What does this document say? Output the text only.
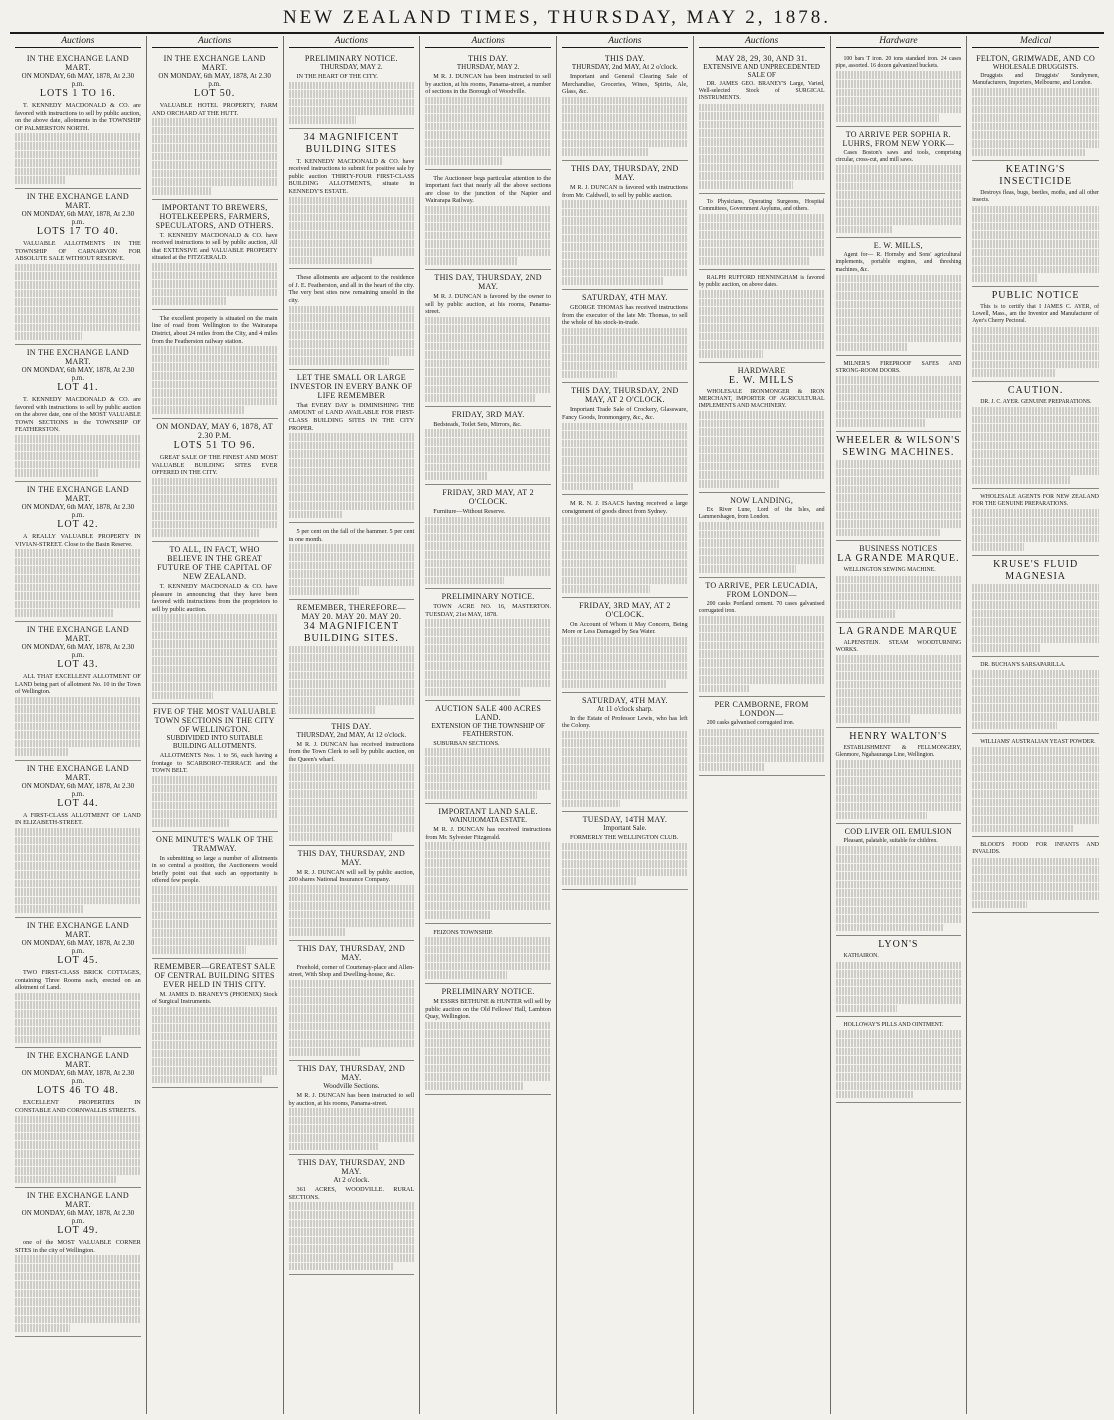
NEW ZEALAND TIMES, THURSDAY, MAY 2, 1878.
Auctions
IN THE EXCHANGE LAND MART.
ON MONDAY, 6th MAY, 1878, At 2.30 p.m.
LOTS 1 TO 16.
T. KENNEDY MACDONALD & CO. are favored with instructions to sell by public auction, on the above date, allotments in the TOWNSHIP OF PALMERSTON NORTH.
IN THE EXCHANGE LAND MART.
ON MONDAY, 6th MAY, 1878, At 2.30 p.m.
LOTS 17 TO 40.
VALUABLE ALLOTMENTS IN THE TOWNSHIP OF CARNARVON FOR ABSOLUTE SALE WITHOUT RESERVE.
IN THE EXCHANGE LAND MART.
ON MONDAY, 6th MAY, 1878, At 2.30 p.m.
LOT 41.
T. KENNEDY MACDONALD & CO. are favored with instructions to sell by public auction on the above date, one of the MOST VALUABLE TOWN SECTIONS in the TOWNSHIP OF FEATHERSTON.
IN THE EXCHANGE LAND MART.
ON MONDAY, 6th MAY, 1878, At 2.30 p.m.
LOT 42.
A REALLY VALUABLE PROPERTY IN VIVIAN-STREET. Close to the Basin Reserve.
IN THE EXCHANGE LAND MART.
ON MONDAY, 6th MAY, 1878, At 2.30 p.m.
LOT 43.
ALL THAT EXCELLENT ALLOTMENT OF LAND being part of allotment No. 10 in the Town of Wellington.
IN THE EXCHANGE LAND MART.
ON MONDAY, 6th MAY, 1878, At 2.30 p.m.
LOT 44.
A FIRST-CLASS ALLOTMENT OF LAND IN ELIZABETH-STREET.
IN THE EXCHANGE LAND MART.
ON MONDAY, 6th MAY, 1878, At 2.30 p.m.
LOT 45.
TWO FIRST-CLASS BRICK COTTAGES, containing Three Rooms each, erected on an allotment of Land.
IN THE EXCHANGE LAND MART.
ON MONDAY, 6th MAY, 1878, At 2.30 p.m.
LOTS 46 TO 48.
EXCELLENT PROPERTIES IN CONSTABLE AND CORNWALLIS STREETS.
IN THE EXCHANGE LAND MART.
ON MONDAY, 6th MAY, 1878, At 2.30 p.m.
LOT 49.
one of the MOST VALUABLE CORNER SITES in the city of Wellington.
Auctions
IN THE EXCHANGE LAND MART.
ON MONDAY, 6th MAY, 1878, At 2.30 p.m.
LOT 50.
VALUABLE HOTEL PROPERTY, FARM AND ORCHARD AT THE HUTT.
IMPORTANT TO BREWERS, HOTELKEEPERS, FARMERS, SPECULATORS, AND OTHERS.
T. KENNEDY MACDONALD & CO. have received instructions to sell by public auction, All that EXTENSIVE and VALUABLE PROPERTY situated at the FITZGERALD.
The excellent property is situated on the main line of road from Wellington to the Wairarapa District, about 24 miles from the City, and 4 miles from the Featherston railway station.
ON MONDAY, MAY 6, 1878, AT 2.30 P.M.
LOTS 51 TO 96.
GREAT SALE OF THE FINEST AND MOST VALUABLE BUILDING SITES EVER OFFERED IN THE CITY.
TO ALL, IN FACT, WHO BELIEVE IN THE GREAT FUTURE OF THE CAPITAL OF NEW ZEALAND.
T. KENNEDY MACDONALD & CO. have pleasure in announcing that they have been favored with instructions from the proprietors to sell by public auction.
FIVE OF THE MOST VALUABLE TOWN SECTIONS IN THE CITY OF WELLINGTON.
SUBDIVIDED INTO SUITABLE BUILDING ALLOTMENTS.
ALLOTMENTS Nos. 1 to 56, each having a frontage to SCARBORO'-TERRACE and the TOWN BELT.
ONE MINUTE'S WALK OF THE TRAMWAY.
In submitting so large a number of allotments in so central a position, the Auctioneers would briefly point out that such an opportunity is offered few people.
REMEMBER—GREATEST SALE OF CENTRAL BUILDING SITES EVER HELD IN THIS CITY.
M. JAMES D. BRANEY'S (PHOENIX) Stock of Surgical Instruments.
Auctions
PRELIMINARY NOTICE.
THURSDAY, MAY 2.
IN THE HEART OF THE CITY.
34 MAGNIFICENT BUILDING SITES
T. KENNEDY MACDONALD & CO. have received instructions to submit for positive sale by public auction THIRTY-FOUR FIRST-CLASS BUILDING ALLOTMENTS, situate in KENNEDY'S ESTATE.
These allotments are adjacent to the residence of J. E. Featherston, and all in the heart of the city. The very best sites now remaining unsold in the city.
LET THE SMALL OR LARGE INVESTOR IN EVERY BANK OF LIFE REMEMBER
That EVERY DAY is DIMINISHING THE AMOUNT of LAND AVAILABLE FOR FIRST-CLASS BUILDING SITES IN THE CITY PROPER.
5 per cent on the fall of the hammer. 5 per cent in one month.
REMEMBER, THEREFORE— MAY 20. MAY 20. MAY 20.
34 MAGNIFICENT BUILDING SITES.
THIS DAY.
THURSDAY, 2nd MAY, At 12 o'clock.
M R. J. DUNCAN has received instructions from the Town Clerk to sell by public auction, on the Queen's wharf.
THIS DAY, THURSDAY, 2ND MAY.
M R. J. DUNCAN will sell by public auction, 200 shares National Insurance Company.
THIS DAY, THURSDAY, 2ND MAY.
Freehold, corner of Courtenay-place and Allen-street, With Shop and Dwelling-house, &c.
THIS DAY, THURSDAY, 2ND MAY.
Woodville Sections.
M R. J. DUNCAN has been instructed to sell by auction, at his rooms, Panama-street.
THIS DAY, THURSDAY, 2ND MAY.
At 2 o'clock.
361 ACRES, WOODVILLE. RURAL SECTIONS.
Auctions
THIS DAY.
THURSDAY, MAY 2.
M R. J. DUNCAN has been instructed to sell by auction, at his rooms, Panama-street, a number of sections in the Borough of Woodville.
The Auctioneer begs particular attention to the important fact that nearly all the above sections are close to the junction of the Napier and Wairarapa Railway.
THIS DAY, THURSDAY, 2ND MAY.
M R. J. DUNCAN is favored by the owner to sell by public auction, at his rooms, Panama-street.
FRIDAY, 3RD MAY.
Bedsteads, Toilet Sets, Mirrors, &c.
FRIDAY, 3RD MAY, AT 2 O'CLOCK.
Furniture—Without Reserve.
PRELIMINARY NOTICE.
TOWN ACRE NO. 16, MASTERTON. TUESDAY, 21st MAY, 1878.
AUCTION SALE 400 ACRES LAND.
EXTENSION OF THE TOWNSHIP OF FEATHERSTON.
SUBURBAN SECTIONS.
IMPORTANT LAND SALE.
WAINUIOMATA ESTATE.
M R. J. DUNCAN has received instructions from Mr. Sylvester Fitzgerald.
FEIZONS TOWNSHIP.
PRELIMINARY NOTICE.
M ESSRS BETHUNE & HUNTER will sell by public auction on the Old Fellows' Hall, Lambton Quay, Wellington.
Auctions
THIS DAY.
THURSDAY, 2nd MAY, At 2 o'clock.
Important and General Clearing Sale of Merchandise, Groceries, Wines, Spirits, Ale, Glass, &c.
THIS DAY, THURSDAY, 2ND MAY.
M R. J. DUNCAN is favored with instructions from Mr. Caldwell, to sell by public auction.
SATURDAY, 4TH MAY.
GEORGE THOMAS has received instructions from the executor of the late Mr. Thomas, to sell the whole of his stock-in-trade.
THIS DAY, THURSDAY, 2ND MAY, AT 2 O'CLOCK.
Important Trade Sale of Crockery, Glassware, Fancy Goods, Ironmongery, &c., &c.
M R. N. J. ISAACS having received a large consignment of goods direct from Sydney.
FRIDAY, 3RD MAY, AT 2 O'CLOCK.
On Account of Whom it May Concern, Being More or Less Damaged by Sea Water.
SATURDAY, 4TH MAY.
At 11 o'clock sharp.
In the Estate of Professor Lewis, who has left the Colony.
TUESDAY, 14TH MAY.
Important Sale.
FORMERLY THE WELLINGTON CLUB.
Auctions
MAY 28, 29, 30, AND 31.
EXTENSIVE AND UNPRECEDENTED SALE OF
DR. JAMES GEO. BRANEY'S Large, Varied, Well-selected Stock of SURGICAL INSTRUMENTS.
To Physicians, Operating Surgeons, Hospital Committees, Government Asylums, and others.
RALPH RUFFORD HENNINGHAM is favored by public auction, on above dates.
HARDWARE
E. W. MILLS
WHOLESALE IRONMONGER & IRON MERCHANT, IMPORTER OF AGRICULTURAL IMPLEMENTS AND MACHINERY.
NOW LANDING,
Ex River Lune, Lord of the Isles, and Lammershagen, from London.
TO ARRIVE, PER LEUCADIA, FROM LONDON—
200 casks Portland cement. 70 cases galvanised corrugated iron.
PER CAMBORNE, FROM LONDON—
200 casks galvanised corrugated iron.
Hardware
100 bars T iron. 20 tons standard iron. 24 cases pipe, assorted. 16 dozen galvanized buckets.
TO ARRIVE PER SOPHIA R. LUHRS, FROM NEW YORK—
Cases Boston's saws and tools, comprising circular, cross-cut, and mill saws.
E. W. MILLS,
Agent for— R. Hornsby and Sons' agricultural implements, portable engines, and threshing machines, &c.
MILNER'S FIREPROOF SAFES AND STRONG-ROOM DOORS.
WHEELER & WILSON'S SEWING MACHINES.
BUSINESS NOTICES
LA GRANDE MARQUE.
WELLINGTON SEWING MACHINE.
LA GRANDE MARQUE
ALPENSTEIN. STEAM WOODTURNING WORKS.
HENRY WALTON'S
ESTABLISHMENT & FELLMONGERY, Glenmore, Ngahauranga Line, Wellington.
COD LIVER OIL EMULSION
Pleasant, palatable, suitable for children.
LYON'S
KATHAIRON.
HOLLOWAY'S PILLS AND OINTMENT.
Medical
FELTON, GRIMWADE, AND CO
WHOLESALE DRUGGISTS.
Druggists and Druggists' Sundrymen, Manufacturers, Importers, Melbourne, and London.
KEATING'S INSECTICIDE
Destroys fleas, bugs, beetles, moths, and all other insects.
PUBLIC NOTICE
This is to certify that I JAMES C. AYER, of Lowell, Mass., am the Inventor and Manufacturer of Ayer's Cherry Pectoral.
CAUTION.
DR. J. C. AYER. GENUINE PREPARATIONS.
WHOLESALE AGENTS FOR NEW ZEALAND FOR THE GENUINE PREPARATIONS.
KRUSE'S FLUID MAGNESIA
DR. BUCHAN'S SARSAPARILLA.
WILLIAMS' AUSTRALIAN YEAST POWDER.
BLOOD'S FOOD FOR INFANTS AND INVALIDS.
